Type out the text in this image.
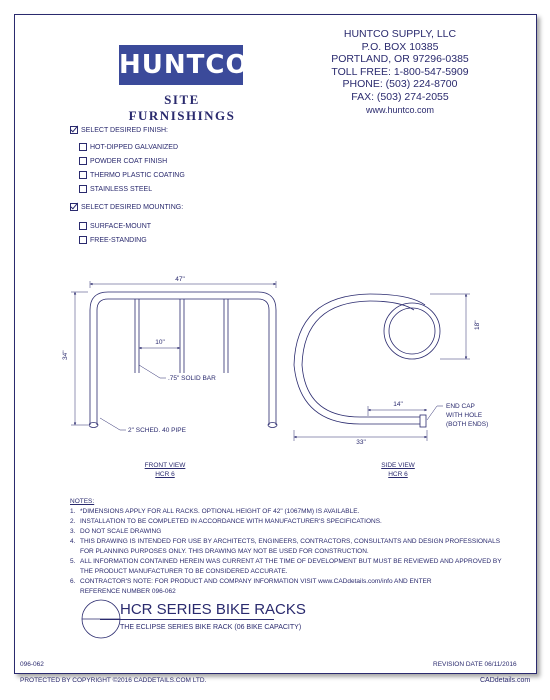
HUNTCO
SITE FURNISHINGS
HUNTCO SUPPLY, LLC
P.O. BOX 10385
PORTLAND, OR 97296-0385
TOLL FREE: 1-800-547-5909
PHONE: (503) 224-8700
FAX: (503) 274-2055
www.huntco.com
SELECT DESIRED FINISH:
HOT-DIPPED GALVANIZED
POWDER COAT FINISH
THERMO PLASTIC COATING
STAINLESS STEEL
SELECT DESIRED MOUNTING:
SURFACE-MOUNT
FREE-STANDING
47"
34"
10"
.75" SOLID BAR
2" SCHED. 40 PIPE
FRONT VIEW
HCR 6
18"
14"
33"
END CAP
WITH HOLE
(BOTH ENDS)
SIDE VIEW
HCR 6
NOTES:
1. *DIMENSIONS APPLY FOR ALL RACKS. OPTIONAL HEIGHT OF 42" (1067MM) IS AVAILABLE.
2. INSTALLATION TO BE COMPLETED IN ACCORDANCE WITH MANUFACTURER'S SPECIFICATIONS.
3. DO NOT SCALE DRAWING
4. THIS DRAWING IS INTENDED FOR USE BY ARCHITECTS, ENGINEERS, CONTRACTORS, CONSULTANTS AND DESIGN PROFESSIONALS
FOR PLANNING PURPOSES ONLY. THIS DRAWING MAY NOT BE USED FOR CONSTRUCTION.
5. ALL INFORMATION CONTAINED HEREIN WAS CURRENT AT THE TIME OF DEVELOPMENT BUT MUST BE REVIEWED AND APPROVED BY
THE PRODUCT MANUFACTURER TO BE CONSIDERED ACCURATE.
6. CONTRACTOR'S NOTE: FOR PRODUCT AND COMPANY INFORMATION VISIT www.CADdetails.com/info AND ENTER
REFERENCE NUMBER 096-062
HCR SERIES BIKE RACKS
THE ECLIPSE SERIES BIKE RACK (06 BIKE CAPACITY)
096-062	REVISION DATE 06/11/2016
PROTECTED BY COPYRIGHT ©2016 CADDETAILS.COM LTD.	CADdetails.com
